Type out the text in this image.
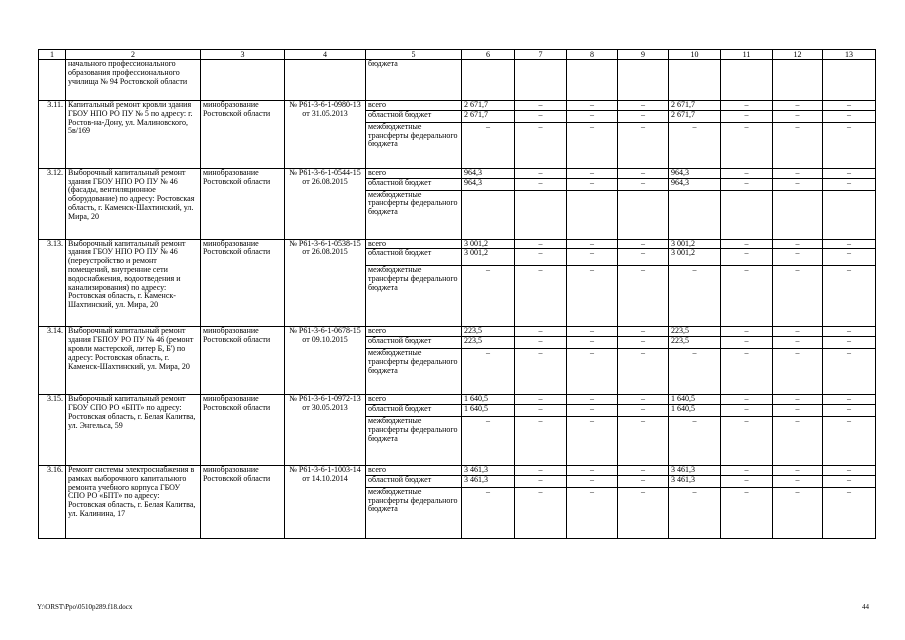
1	2	3	4	5	6	7	8	9	10	11	12	13
	начального профессионального образования профессионального училища № 94 Ростовской области			бюджета								
3.11.	Капитальный ремонт кровли здания ГБОУ НПО РО ПУ № 5 по адресу: г. Ростов-на-Дону, ул. Малиновского, 5в/169	минобразование Ростовской области	№ Р61-3-6-1-0980-13 от 31.05.2013	всего	2 671,7	–	–	–	2 671,7	–	–	–
				областной бюджет	2 671,7	–	–	–	2 671,7	–	–	–
				межбюджетные трансферты федерального бюджета	–	–	–	–	–	–	–	–
3.12.	Выборочный капитальный ремонт здания ГБОУ НПО РО ПУ № 46 (фасады, вентиляционное оборудование) по адресу: Ростовская область, г. Каменск-Шахтинский, ул. Мира, 20	минобразование Ростовской области	№ Р61-3-6-1-0544-15 от 26.08.2015	всего	964,3	–	–	–	964,3	–	–	–
				областной бюджет	964,3	–	–	–	964,3	–	–	–
				межбюджетные трансферты федерального бюджета								
3.13.	Выборочный капитальный ремонт здания ГБОУ НПО РО ПУ № 46 (переустройство и ремонт помещений, внутренние сети водоснабжения, водоотведения и канализирования) по адресу: Ростовская область, г. Каменск-Шахтинский, ул. Мира, 20	минобразование Ростовской области	№ Р61-3-6-1-0538-15 от 26.08.2015	всего	3 001,2	–	–	–	3 001,2	–	–	–
				областной бюджет	3 001,2	–	–	–	3 001,2	–	–	–
				межбюджетные трансферты федерального бюджета	–	–	–	–	–	–	–	–
3.14.	Выборочный капитальный ремонт здания ГБПОУ РО ПУ № 46 (ремонт кровли мастерской, литер Б, Б') по адресу: Ростовская область, г. Каменск-Шахтинский, ул. Мира, 20	минобразование Ростовской области	№ Р61-3-6-1-0678-15 от 09.10.2015	всего	223,5	–	–	–	223,5	–	–	–
				областной бюджет	223,5	–	–	–	223,5	–	–	–
				межбюджетные трансферты федерального бюджета	–	–	–	–	–	–	–	–
3.15.	Выборочный капитальный ремонт ГБОУ СПО РО «БПТ» по адресу: Ростовская область, г. Белая Калитва, ул. Энгельса, 59	минобразование Ростовской области	№ Р61-3-6-1-0972-13 от 30.05.2013	всего	1 640,5	–	–	–	1 640,5	–	–	–
				областной бюджет	1 640,5	–	–	–	1 640,5	–	–	–
				межбюджетные трансферты федерального бюджета	–	–	–	–	–	–	–	–
3.16.	Ремонт системы электроснабжения в рамках выборочного капитального ремонта учебного корпуса ГБОУ СПО РО «БПТ» по адресу: Ростовская область, г. Белая Калитва, ул. Калинина, 17	минобразование Ростовской области	№ Р61-3-6-1-1003-14 от 14.10.2014	всего	3 461,3	–	–	–	3 461,3	–	–	–
				областной бюджет	3 461,3	–	–	–	3 461,3	–	–	–
				межбюджетные трансферты федерального бюджета	–	–	–	–	–	–	–	–
Y:\ORST\Ppo\0510p289.f18.docx	44
